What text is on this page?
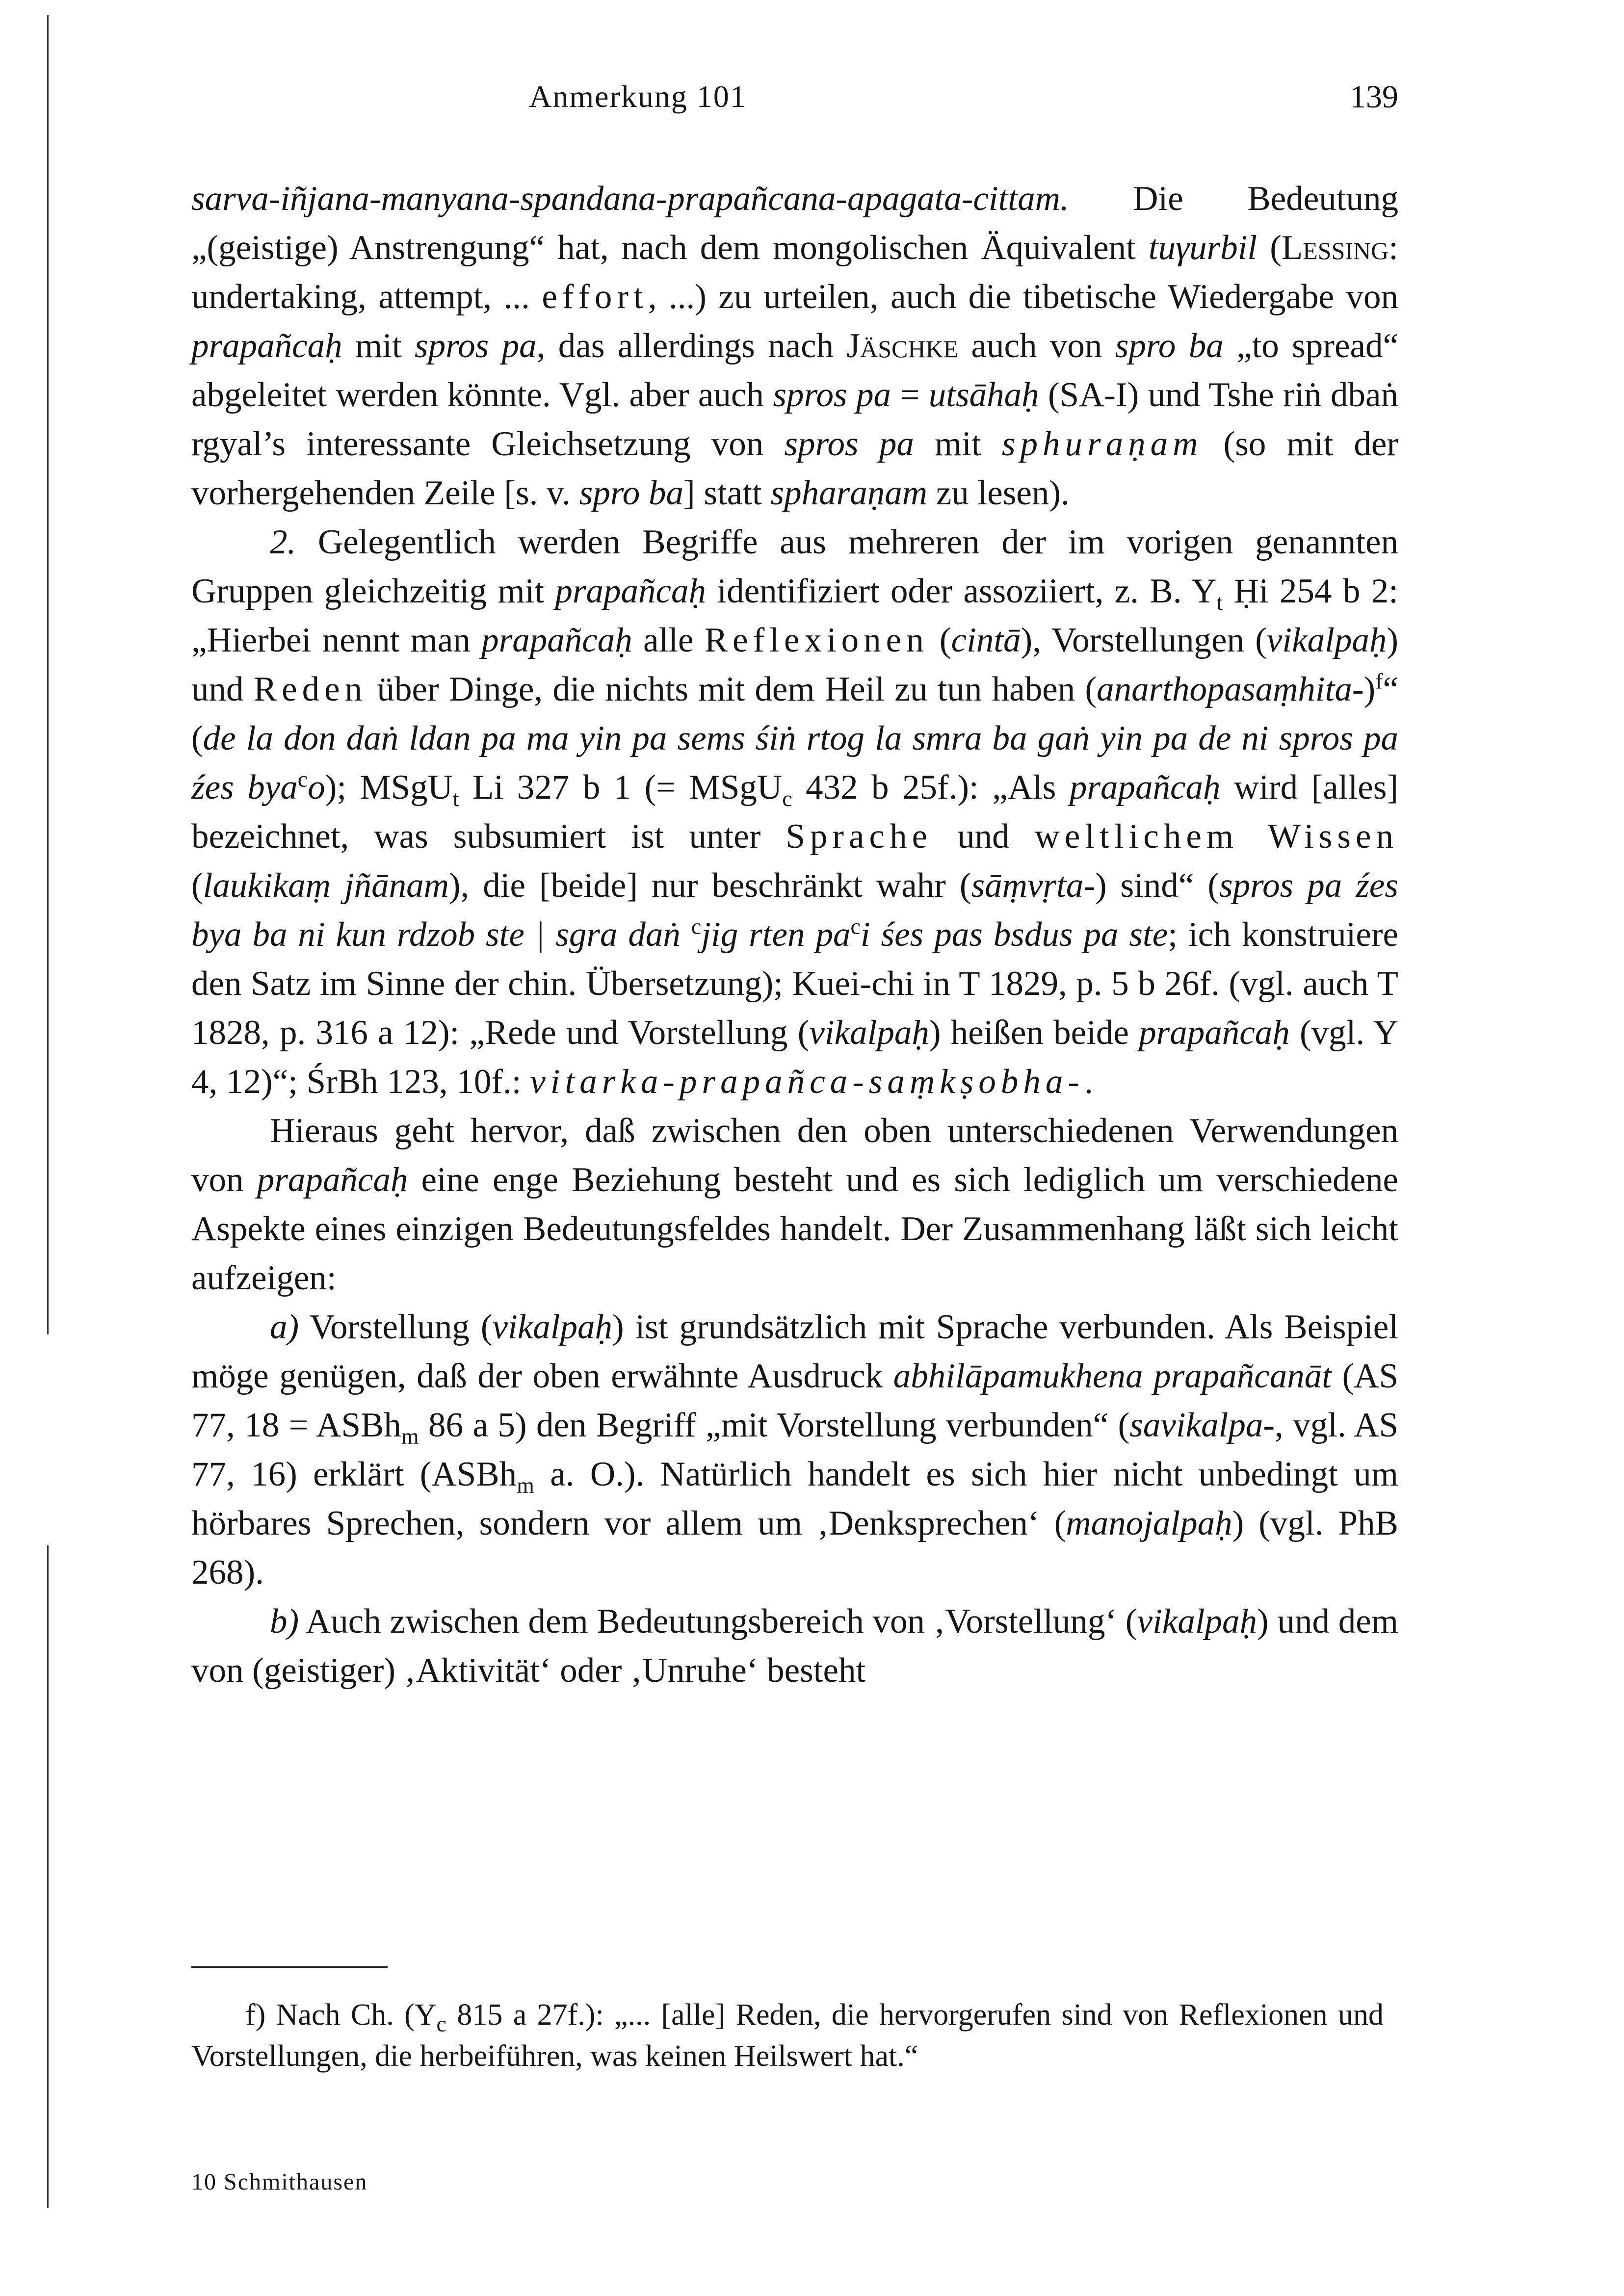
Anmerkung 101	139

sarva-iñjana-manyana-spandana-prapañcana-apagata-cittam. Die Bedeutung „(geistige) Anstrengung“ hat, nach dem mongolischen Äquivalent tuγurbil (Lessing: undertaking, attempt, ... effort, ...) zu urteilen, auch die tibetische Wiedergabe von prapañcaḥ mit spros pa, das allerdings nach Jäschke auch von spro ba „to spread“ abgeleitet werden könnte. Vgl. aber auch spros pa = utsāhaḥ (SA-I) und Tshe riṅ dbaṅ rgyal’s interessante Gleichsetzung von spros pa mit sphuraṇam (so mit der vorhergehenden Zeile [s. v. spro ba] statt spharaṇam zu lesen).

2. Gelegentlich werden Begriffe aus mehreren der im vorigen genannten Gruppen gleichzeitig mit prapañcaḥ identifiziert oder assoziiert, z. B. $Y_t$ Ḥi 254 b 2: „Hierbei nennt man prapañcaḥ alle Reflexionen (cintā), Vorstellungen (vikalpaḥ) und Reden über Dinge, die nichts mit dem Heil zu tun haben (anarthopasaṃhita-)$^f$“ (de la don daṅ ldan pa ma yin pa sems śiṅ rtog la smra ba gaṅ yin pa de ni spros pa źes bya$^c$o); MSgU$_t$ Li 327 b 1 (= MSgU$_c$ 432 b 25f.): „Als prapañcaḥ wird [alles] bezeichnet, was subsumiert ist unter Sprache und weltlichem Wissen (laukikaṃ jñānam), die [beide] nur beschränkt wahr (sāṃvṛta-) sind“ (spros pa źes bya ba ni kun rdzob ste | sgra daṅ $^c$jig rten $pa^ci$ śes pas bsdus pa ste; ich konstruiere den Satz im Sinne der chin. Übersetzung); Kuei-chi in T 1829, p. 5 b 26f. (vgl. auch T 1828, p. 316 a 12): „Rede und Vorstellung (vikalpaḥ) heißen beide prapañcaḥ (vgl. Y 4, 12)“; ŚrBh 123, 10f.: vitarka-prapañca-saṃkṣobha-.

Hieraus geht hervor, daß zwischen den oben unterschiedenen Verwendungen von prapañcaḥ eine enge Beziehung besteht und es sich lediglich um verschiedene Aspekte eines einzigen Bedeutungsfeldes handelt. Der Zusammenhang läßt sich leicht aufzeigen:

a) Vorstellung (vikalpaḥ) ist grundsätzlich mit Sprache verbunden. Als Beispiel möge genügen, daß der oben erwähnte Ausdruck abhilāpamukhena prapañcanāt (AS 77, 18 = ASBh$_m$ 86 a 5) den Begriff „mit Vorstellung verbunden“ (savikalpa-, vgl. AS 77, 16) erklärt (ASBh$_m$ a. O.). Natürlich handelt es sich hier nicht unbedingt um hörbares Sprechen, sondern vor allem um ‚Denksprechen‘ (manojalpaḥ) (vgl. PhB 268).

b) Auch zwischen dem Bedeutungsbereich von ‚Vorstellung‘ (vikalpaḥ) und dem von (geistiger) ‚Aktivität‘ oder ‚Unruhe‘ besteht

f) Nach Ch. ($Y_c$ 815 a 27f.): „... [alle] Reden, die hervorgerufen sind von Reflexionen und Vorstellungen, die herbeiführen, was keinen Heilswert hat.“

10 Schmithausen
